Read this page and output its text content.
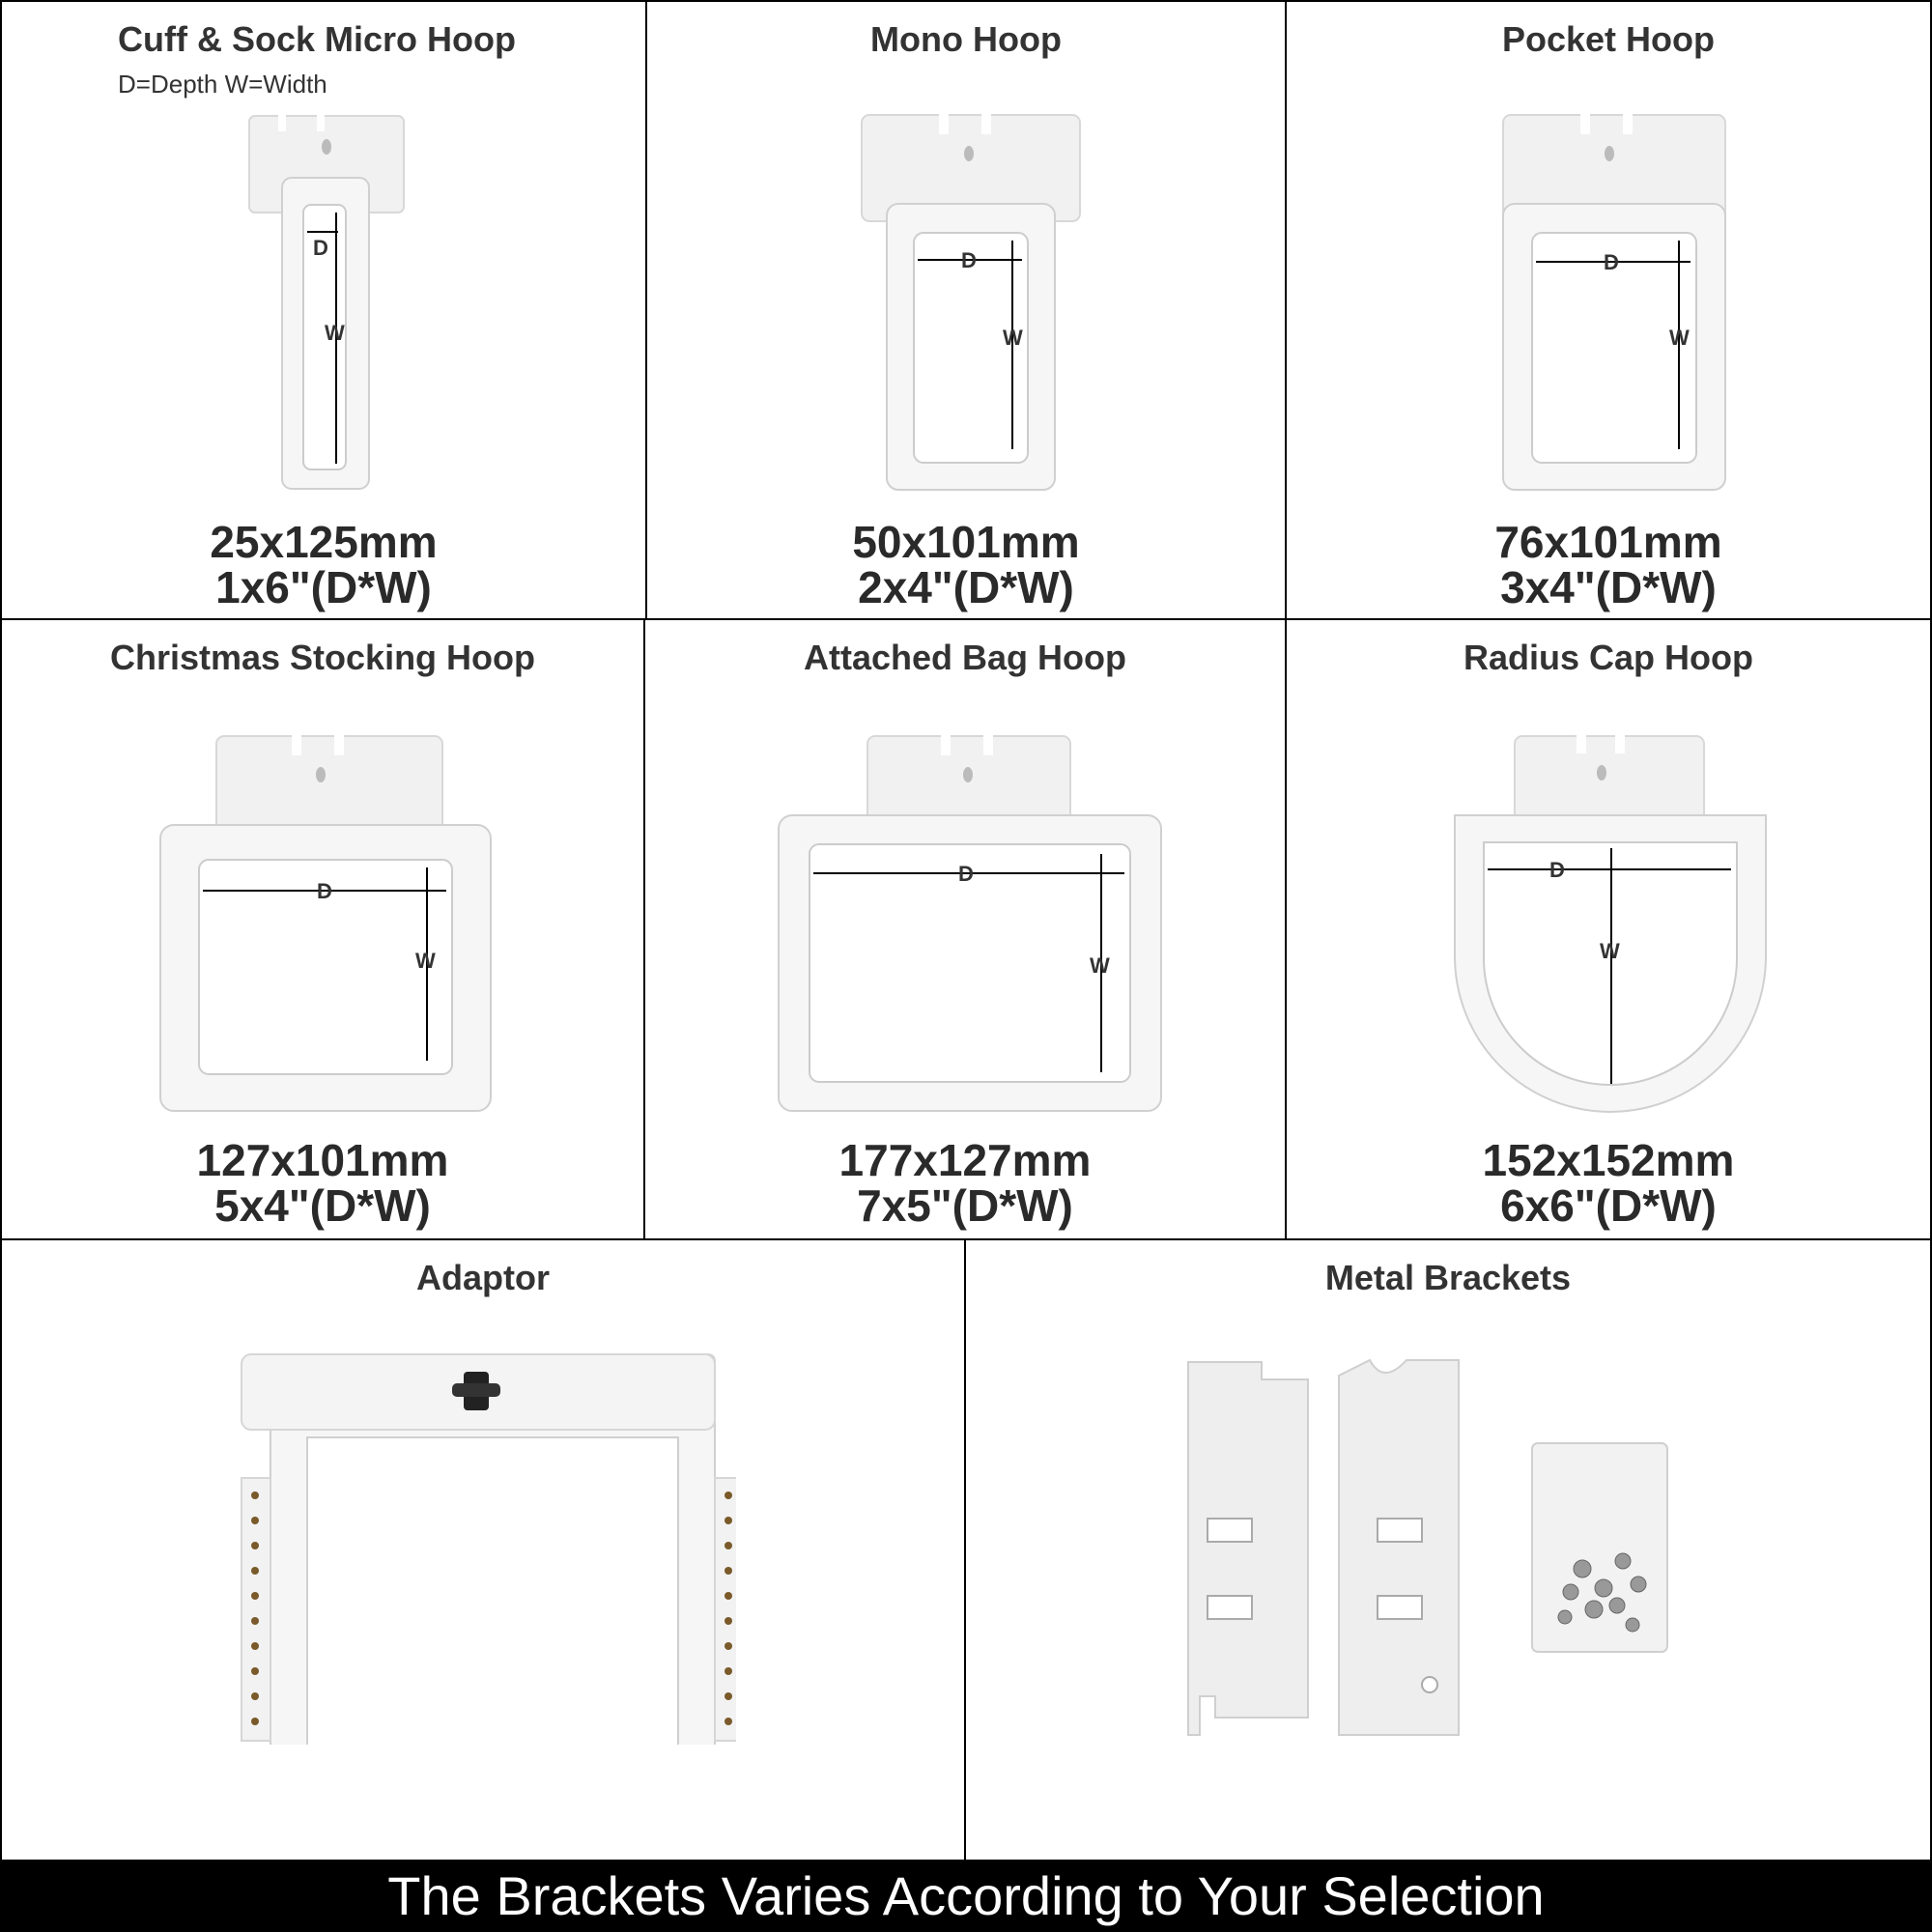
Cuff & Sock Micro Hoop
D=Depth W=Width
D
W
25x125mm
1x6"(D*W)
Mono Hoop
D
W
50x101mm
2x4"(D*W)
Pocket Hoop
D
W
76x101mm
3x4"(D*W)
Christmas Stocking Hoop
D
W
127x101mm
5x4"(D*W)
Attached Bag Hoop
D
W
177x127mm
7x5"(D*W)
Radius Cap Hoop
D
W
152x152mm
6x6"(D*W)
Adaptor	Metal Brackets
The Brackets Varies According to Your Selection
